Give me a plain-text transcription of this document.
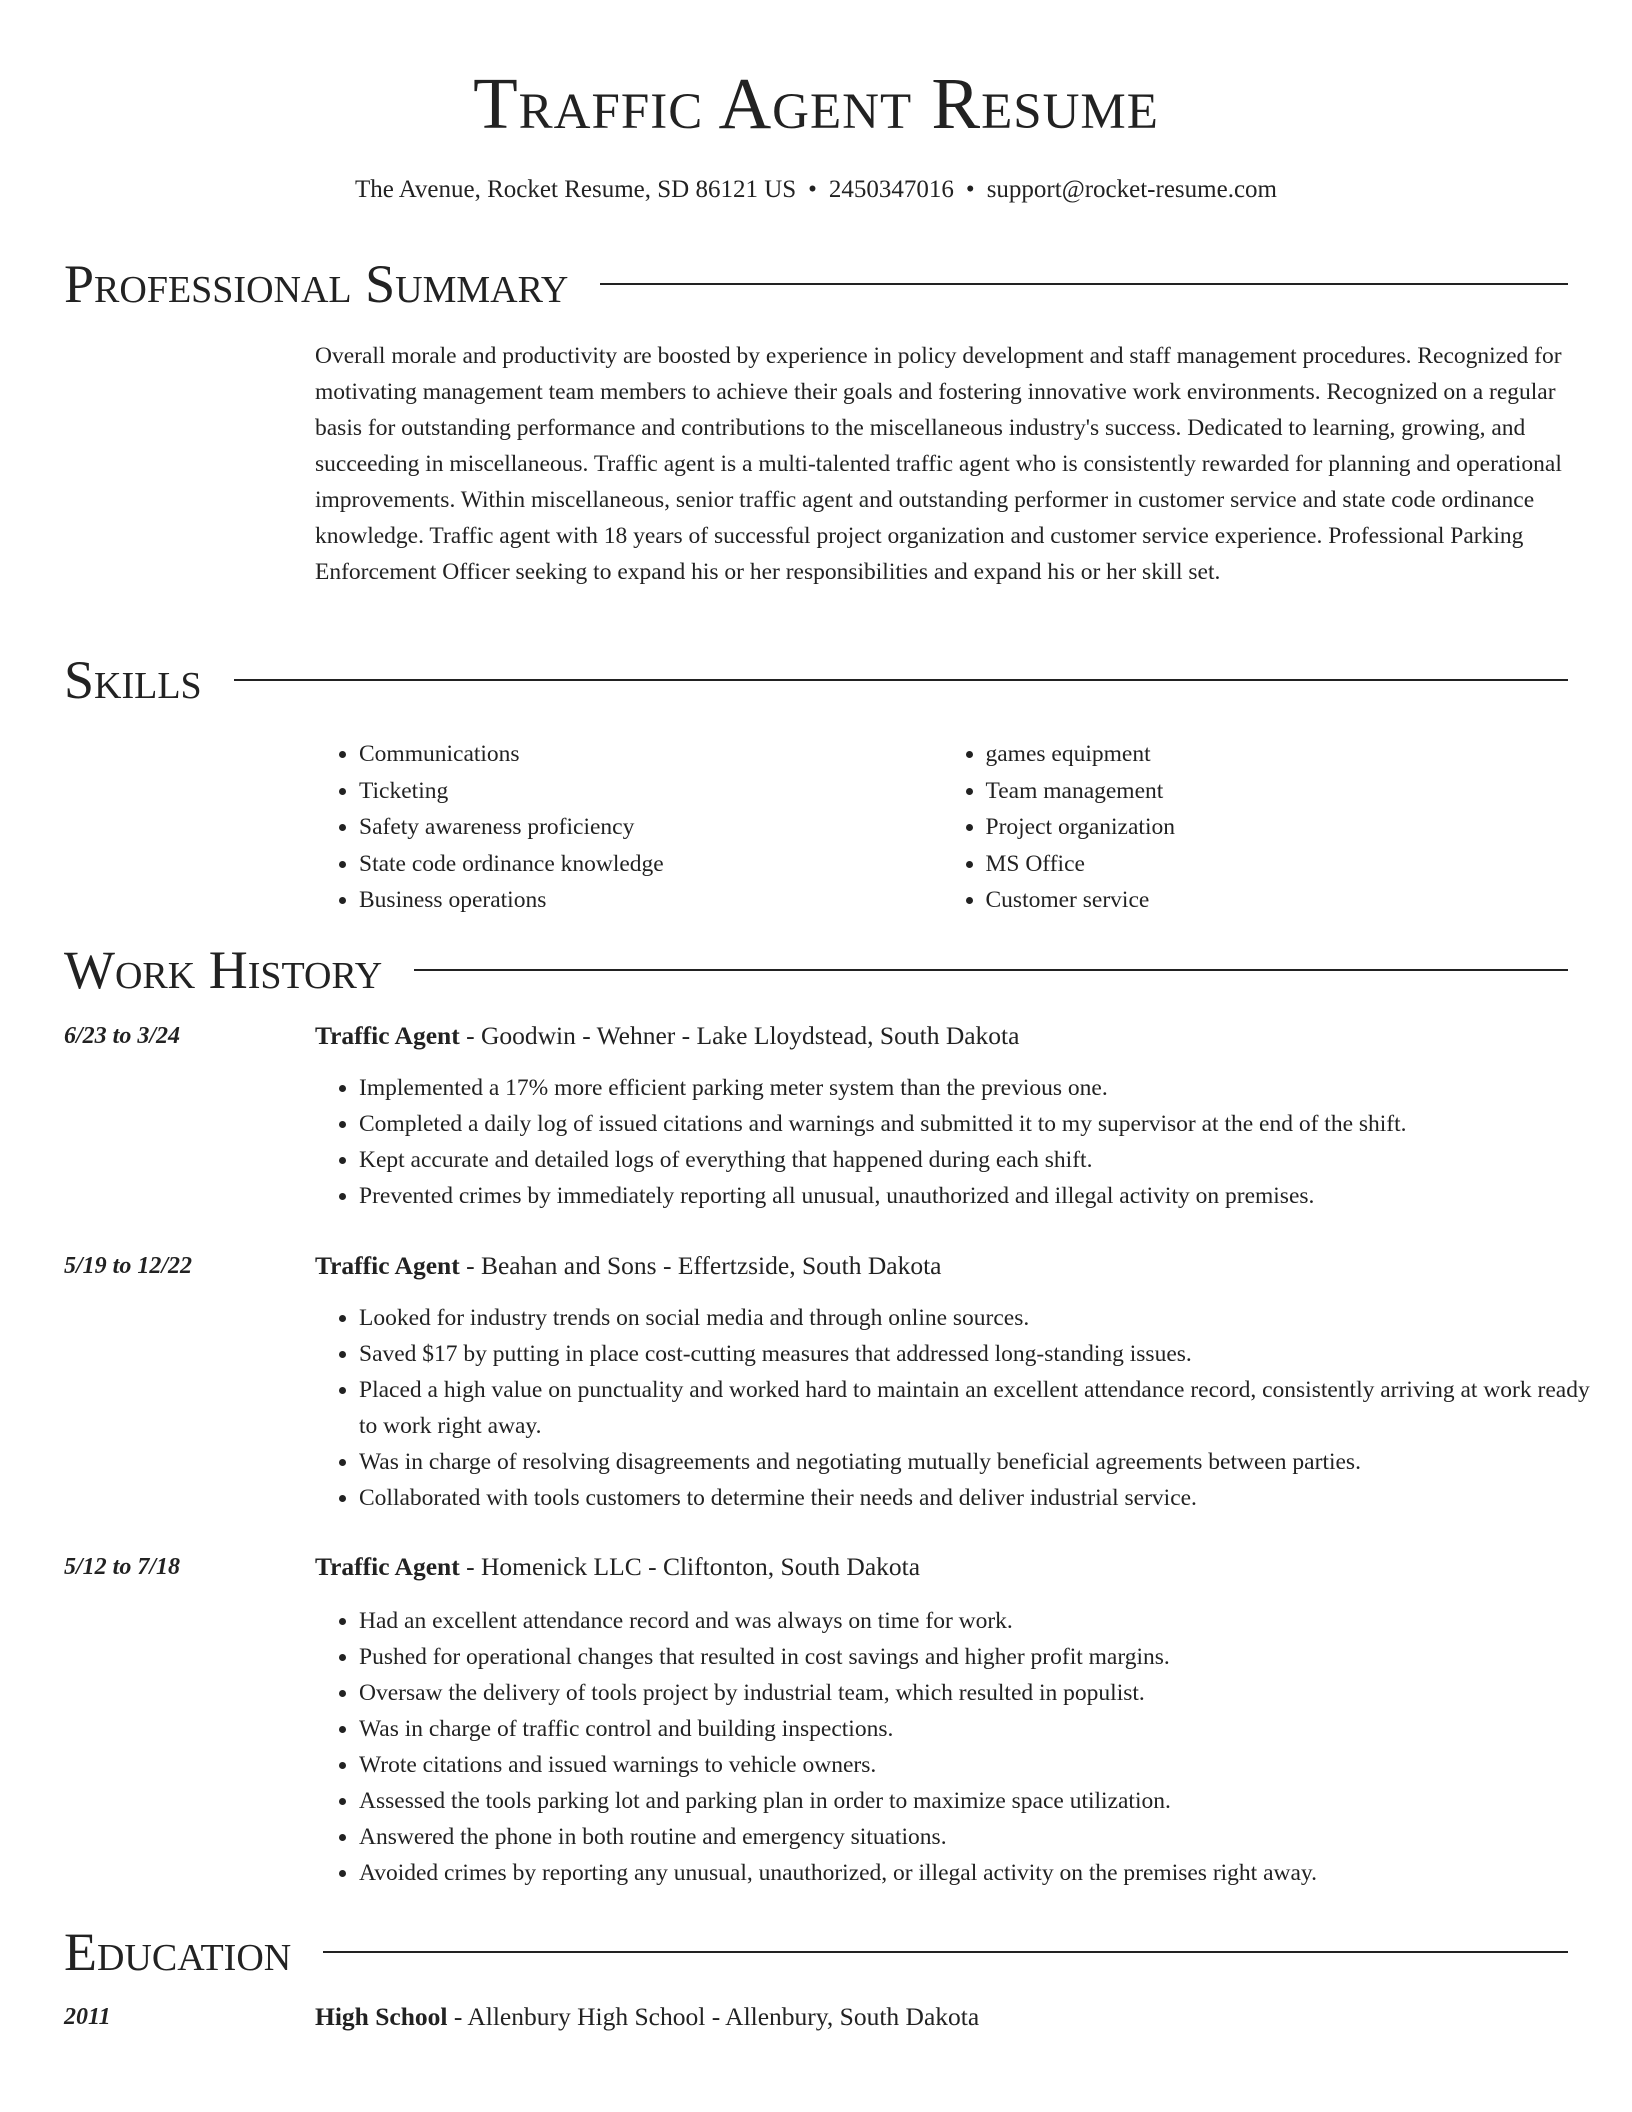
Traffic Agent Resume
The Avenue, Rocket Resume, SD 86121 US • 2450347016 • support@rocket-resume.com
Professional Summary

Overall morale and productivity are boosted by experience in policy development and staff management procedures. Recognized for motivating management team members to achieve their goals and fostering innovative work environments. Recognized on a regular basis for outstanding performance and contributions to the miscellaneous industry's success. Dedicated to learning, growing, and succeeding in miscellaneous. Traffic agent is a multi-talented traffic agent who is consistently rewarded for planning and operational improvements. Within miscellaneous, senior traffic agent and outstanding performer in customer service and state code ordinance knowledge. Traffic agent with 18 years of successful project organization and customer service experience. Professional Parking Enforcement Officer seeking to expand his or her responsibilities and expand his or her skill set.

Skills
• Communications
• Ticketing
• Safety awareness proficiency
• State code ordinance knowledge
• Business operations
• games equipment
• Team management
• Project organization
• MS Office
• Customer service
Work History
6/23 to 3/24	Traffic Agent - Goodwin - Wehner - Lake Lloydstead, South Dakota
• Implemented a 17% more efficient parking meter system than the previous one.
• Completed a daily log of issued citations and warnings and submitted it to my supervisor at the end of the shift.
• Kept accurate and detailed logs of everything that happened during each shift.
• Prevented crimes by immediately reporting all unusual, unauthorized and illegal activity on premises.
5/19 to 12/22	Traffic Agent - Beahan and Sons - Effertzside, South Dakota
• Looked for industry trends on social media and through online sources.
• Saved $17 by putting in place cost-cutting measures that addressed long-standing issues.
• Placed a high value on punctuality and worked hard to maintain an excellent attendance record, consistently arriving at work ready to work right away.
• Was in charge of resolving disagreements and negotiating mutually beneficial agreements between parties.
• Collaborated with tools customers to determine their needs and deliver industrial service.
5/12 to 7/18	Traffic Agent - Homenick LLC - Cliftonton, South Dakota
• Had an excellent attendance record and was always on time for work.
• Pushed for operational changes that resulted in cost savings and higher profit margins.
• Oversaw the delivery of tools project by industrial team, which resulted in populist.
• Was in charge of traffic control and building inspections.
• Wrote citations and issued warnings to vehicle owners.
• Assessed the tools parking lot and parking plan in order to maximize space utilization.
• Answered the phone in both routine and emergency situations.
• Avoided crimes by reporting any unusual, unauthorized, or illegal activity on the premises right away.
Education
2011	High School - Allenbury High School - Allenbury, South Dakota
